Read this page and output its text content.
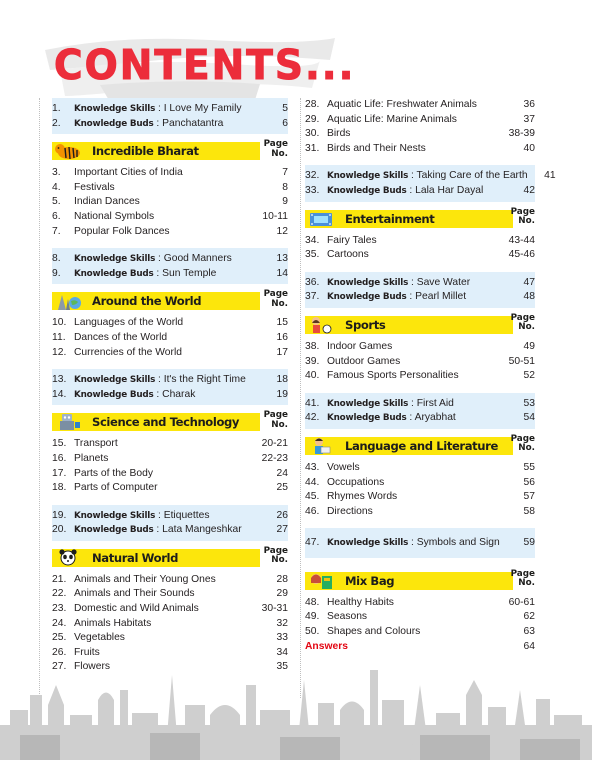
CONTENTS...
1.	Knowledge Skills : I Love My Family	5
2.	Knowledge Buds : Panchatantra	6
Incredible Bharat	Page
No.
3.	Important Cities of India	7
4.	Festivals	8
5.	Indian Dances	9
6.	National Symbols	10-11
7.	Popular Folk Dances	12
8.	Knowledge Skills : Good Manners	13
9.	Knowledge Buds : Sun Temple	14
Around the World	Page
No.
10. Languages of the World	15
11. Dances of the World	16
12. Currencies of the World	17
13. Knowledge Skills : It's the Right Time	18
14. Knowledge Buds : Charak	19
Science and Technology	Page
No.
15. Transport	20-21
16. Planets	22-23
17. Parts of the Body	24
18. Parts of Computer	25
19. Knowledge Skills : Etiquettes	26
20. Knowledge Buds : Lata Mangeshkar	27
Natural World	Page
No.
21. Animals and Their Young Ones	28
22. Animals and Their Sounds	29
23. Domestic and Wild Animals	30-31
24. Animals Habitats	32
25. Vegetables	33
26. Fruits	34
27. Flowers	35
28. Aquatic Life: Freshwater Animals	36
29. Aquatic Life: Marine Animals	37
30. Birds	38-39
31. Birds and Their Nests	40
32. Knowledge Skills : Taking Care of the Earth	41
33. Knowledge Buds : Lala Har Dayal	42
Entertainment	Page
No.
34. Fairy Tales	43-44
35. Cartoons	45-46
36. Knowledge Skills : Save Water	47
37. Knowledge Buds : Pearl Millet	48
Sports	Page
No.
38. Indoor Games	49
39. Outdoor Games	50-51
40. Famous Sports Personalities	52
41. Knowledge Skills : First Aid	53
42. Knowledge Buds : Aryabhat	54
Language and Literature	Page
No.
43. Vowels	55
44. Occupations	56
45. Rhymes Words	57
46. Directions	58
47. Knowledge Skills : Symbols and Sign	59
Mix Bag	Page
No.
48. Healthy Habits	60-61
49. Seasons	62
50. Shapes and Colours	63
Answers	64
